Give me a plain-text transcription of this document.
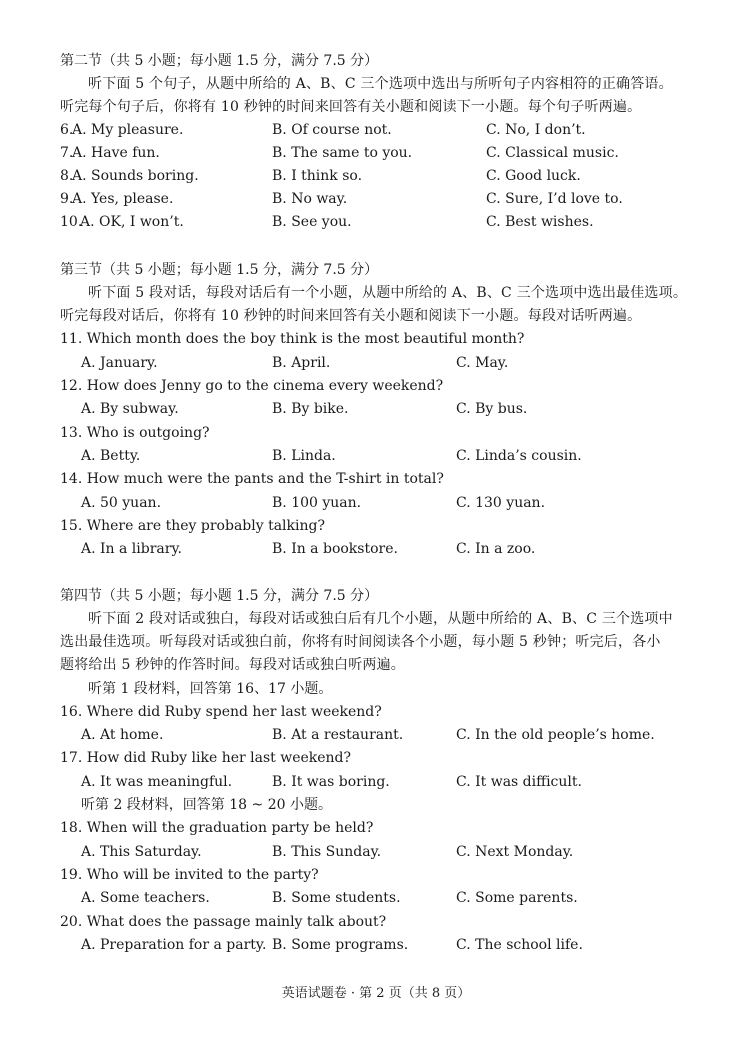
第二节（共 5 小题；每小题 1.5 分，满分 7.5 分）
听下面 5 个句子，从题中所给的 A、B、C 三个选项中选出与所听句子内容相符的正确答语。
听完每个句子后，你将有 10 秒钟的时间来回答有关小题和阅读下一小题。每个句子听两遍。
6.
A. My pleasure.	B. Of course not.	C. No, I don’t.
7.
A. Have fun.	B. The same to you.	C. Classical music.
8.
A. Sounds boring.	B. I think so.	C. Good luck.
9.
A. Yes, please.	B. No way.	C. Sure, I’d love to.
10.
A. OK, I won’t.	B. See you.	C. Best wishes.
第三节（共 5 小题；每小题 1.5 分，满分 7.5 分）
听下面 5 段对话，每段对话后有一个小题，从题中所给的 A、B、C 三个选项中选出最佳选项。
听完每段对话后，你将有 10 秒钟的时间来回答有关小题和阅读下一小题。每段对话听两遍。
11. Which month does the boy think is the most beautiful month?
A. January.	B. April.	C. May.
12. How does Jenny go to the cinema every weekend?
A. By subway.	B. By bike.	C. By bus.
13. Who is outgoing?
A. Betty.	B. Linda.	C. Linda’s cousin.
14. How much were the pants and the T-shirt in total?
A. 50 yuan.	B. 100 yuan.	C. 130 yuan.
15. Where are they probably talking?
A. In a library.	B. In a bookstore.	C. In a zoo.
第四节（共 5 小题；每小题 1.5 分，满分 7.5 分）
听下面 2 段对话或独白，每段对话或独白后有几个小题，从题中所给的 A、B、C 三个选项中
选出最佳选项。听每段对话或独白前，你将有时间阅读各个小题，每小题 5 秒钟；听完后，各小
题将给出 5 秒钟的作答时间。每段对话或独白听两遍。
听第 1 段材料，回答第 16、17 小题。
16. Where did Ruby spend her last weekend?
A. At home.	B. At a restaurant.	C. In the old people’s home.
17. How did Ruby like her last weekend?
A. It was meaningful.	B. It was boring.	C. It was difficult.
听第 2 段材料，回答第 18 ~ 20 小题。
18. When will the graduation party be held?
A. This Saturday.	B. This Sunday.	C. Next Monday.
19. Who will be invited to the party?
A. Some teachers.	B. Some students.	C. Some parents.
20. What does the passage mainly talk about?
A. Preparation for a party. B. Some programs.	C. The school life.
英语试题卷 · 第 2 页（共 8 页）
